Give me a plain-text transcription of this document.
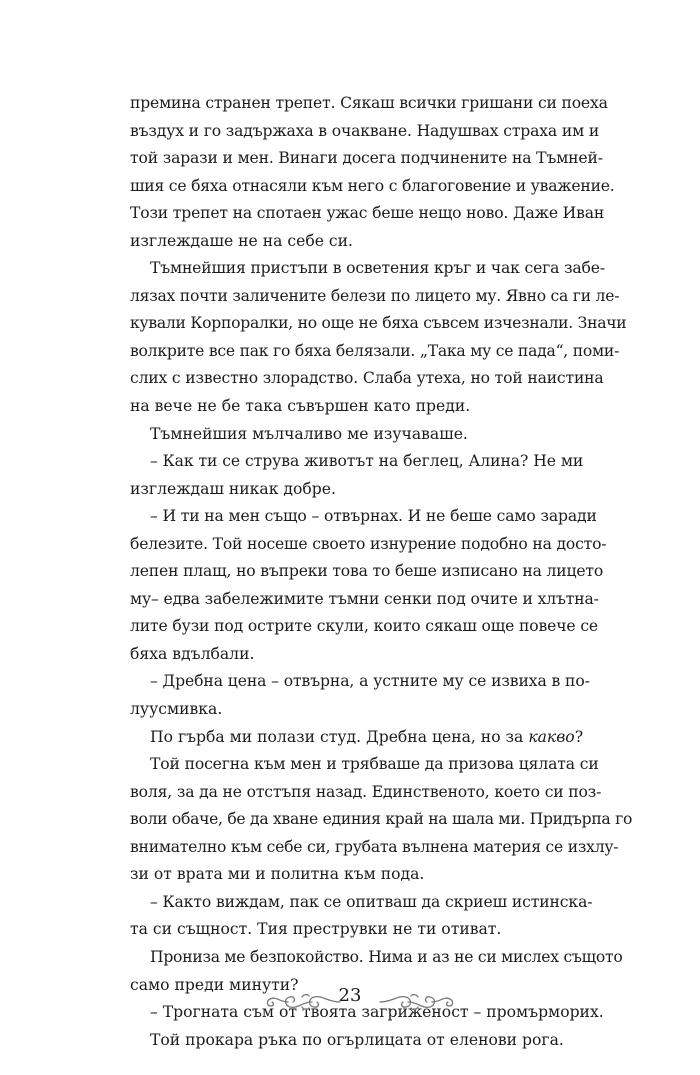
премина странен трепет. Сякаш всички гришани си поеха
въздух и го задържаха в очакване. Надушвах страха им и
той зарази и мен. Винаги досега подчинените на Тъмней-
шия се бяха отнасяли към него с благоговение и уважение.
Този трепет на спотаен ужас беше нещо ново. Даже Иван
изглеждаше не на себе си.
Тъмнейшия пристъпи в осветения кръг и чак сега забе-
лязах почти заличените белези по лицето му. Явно са ги ле-
кували Корпоралки, но още не бяха съвсем изчезнали. Значи
волкрите все пак го бяха белязали. „Така му се пада“, поми-
слих с известно злорадство. Слаба утеха, но той наистина
на вече не бе така съвършен като преди.
Тъмнейшия мълчаливо ме изучаваше.
– Как ти се струва животът на беглец, Алина? Не ми
изглеждаш никак добре.
– И ти на мен също – отвърнах. И не беше само заради
белезите. Той носеше своето изнурение подобно на досто-
лепен плащ, но въпреки това то беше изписано на лицето
му– едва забележимите тъмни сенки под очите и хлътна-
лите бузи под острите скули, които сякаш още повече се
бяха вдълбали.
– Дребна цена – отвърна, а устните му се извиха в по-
луусмивка.
По гърба ми полази студ. Дребна цена, но за какво?
Той посегна към мен и трябваше да призова цялата си
воля, за да не отстъпя назад. Единственото, което си поз-
воли обаче, бе да хване единия край на шала ми. Придърпа го
внимателно към себе си, грубата вълнена материя се изхлу-
зи от врата ми и политна към пода.
– Както виждам, пак се опитваш да скриеш истинска-
та си същност. Тия преструвки не ти отиват.
Прониза ме безпокойство. Нима и аз не си мислех същото
само преди минути?
– Трогната съм от твоята загриженост – промърморих.
Той прокара ръка по огърлицата от еленови рога.
23
